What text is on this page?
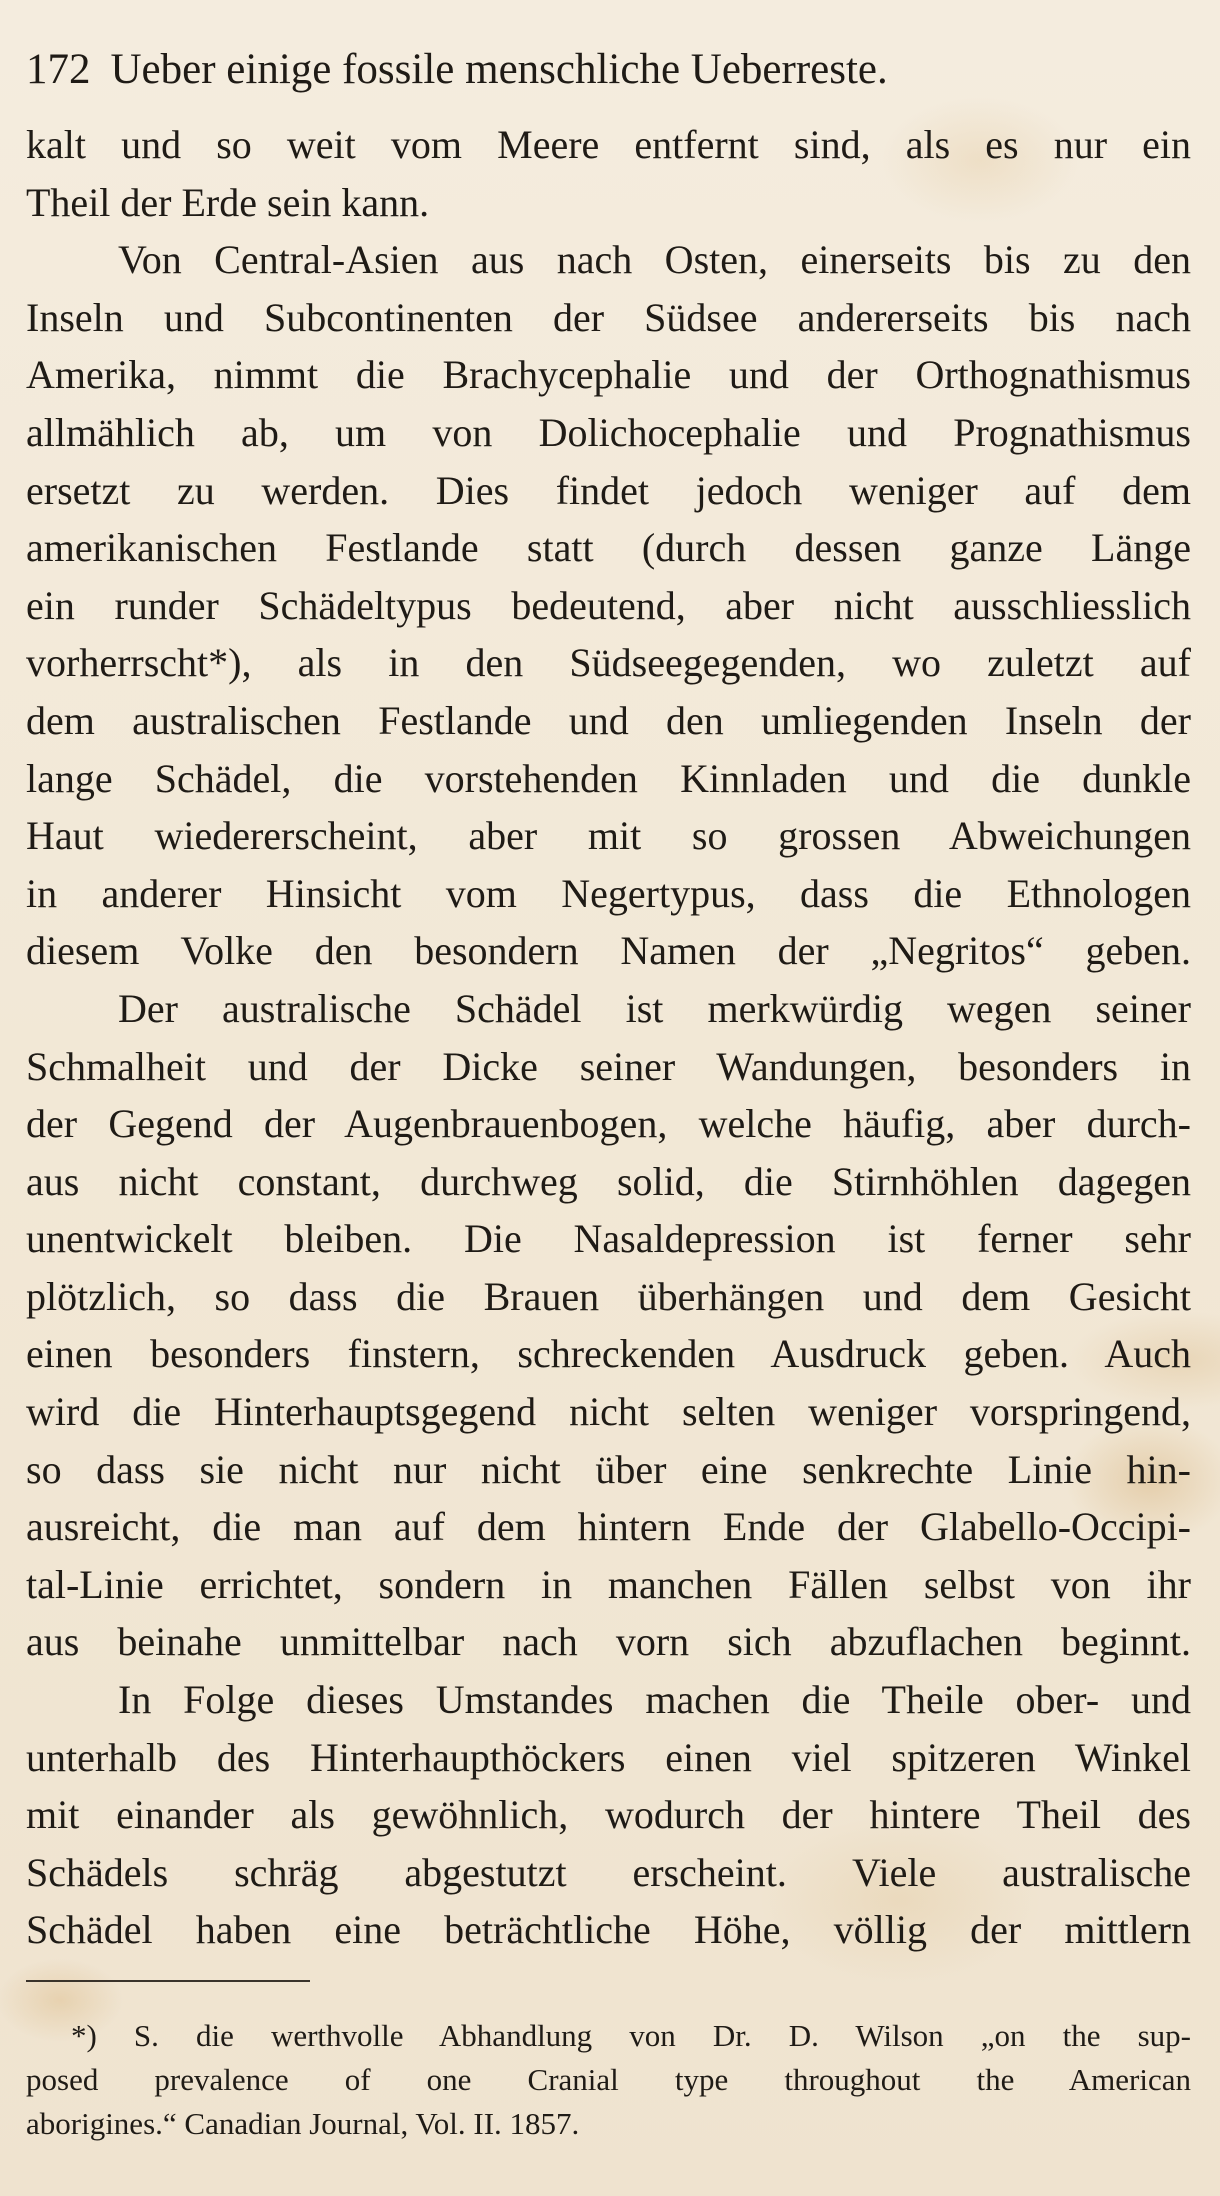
172 Ueber einige fossile menschliche Ueberreste.
kalt und so weit vom Meere entfernt sind, als es nur ein
Theil der Erde sein kann.
Von Central-Asien aus nach Osten, einerseits bis zu den
Inseln und Subcontinenten der Südsee andererseits bis nach
Amerika, nimmt die Brachycephalie und der Orthognathismus
allmählich ab, um von Dolichocephalie und Prognathismus
ersetzt zu werden. Dies findet jedoch weniger auf dem
amerikanischen Festlande statt (durch dessen ganze Länge
ein runder Schädeltypus bedeutend, aber nicht ausschliesslich
vorherrscht*), als in den Südseegegenden, wo zuletzt auf
dem australischen Festlande und den umliegenden Inseln der
lange Schädel, die vorstehenden Kinnladen und die dunkle
Haut wiedererscheint, aber mit so grossen Abweichungen
in anderer Hinsicht vom Negertypus, dass die Ethnologen
diesem Volke den besondern Namen der „Negritos“ geben.
Der australische Schädel ist merkwürdig wegen seiner
Schmalheit und der Dicke seiner Wandungen, besonders in
der Gegend der Augenbrauenbogen, welche häufig, aber durch-
aus nicht constant, durchweg solid, die Stirnhöhlen dagegen
unentwickelt bleiben. Die Nasaldepression ist ferner sehr
plötzlich, so dass die Brauen überhängen und dem Gesicht
einen besonders finstern, schreckenden Ausdruck geben. Auch
wird die Hinterhauptsgegend nicht selten weniger vorspringend,
so dass sie nicht nur nicht über eine senkrechte Linie hin-
ausreicht, die man auf dem hintern Ende der Glabello-Occipi-
tal-Linie errichtet, sondern in manchen Fällen selbst von ihr
aus beinahe unmittelbar nach vorn sich abzuflachen beginnt.
In Folge dieses Umstandes machen die Theile ober- und
unterhalb des Hinterhaupthöckers einen viel spitzeren Winkel
mit einander als gewöhnlich, wodurch der hintere Theil des
Schädels schräg abgestutzt erscheint. Viele australische
Schädel haben eine beträchtliche Höhe, völlig der mittlern
*) S. die werthvolle Abhandlung von Dr. D. Wilson „on the sup-
posed prevalence of one Cranial type throughout the American
aborigines.“ Canadian Journal, Vol. II. 1857.
